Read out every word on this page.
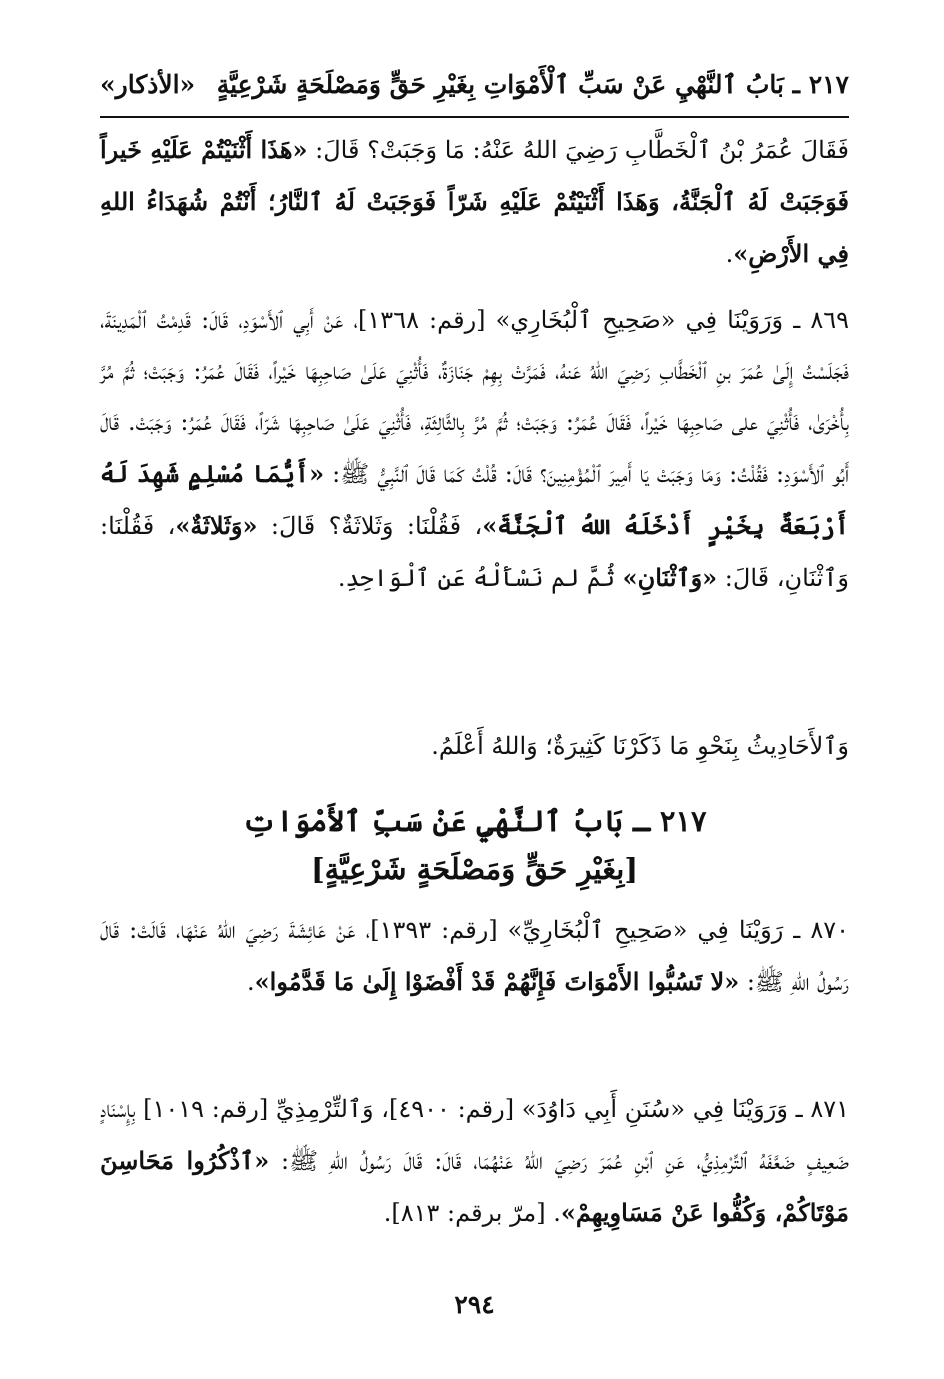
٢١٧ ـ بَابُ ٱلنَّهْيِ عَنْ سَبِّ ٱلْأَمْوَاتِ بِغَيْرِ حَقٍّ وَمَصْلَحَةٍ شَرْعِيَّةٍ
«الأذكار»
فَقَالَ عُمَرُ بْنُ ٱلْخَطَّابِ رَضِيَ اللهُ عَنْهُ: مَا وَجَبَتْ؟ قَالَ: «هَذَا أَثْنَيْتُمْ عَلَيْهِ خَيراً فَوَجَبَتْ لَهُ ٱلْجَنَّةُ، وَهَذَا أَثْنَيْتُمْ عَلَيْهِ شَرّاً فَوَجَبَتْ لَهُ ٱلنَّارُ؛ أَنْتُمْ شُهَدَاءُ اللهِ فِي الأَرْضِ».
٨٦٩ ـ وَرَوَيْنَا فِي «صَحِيحِ ٱلْبُخَارِي» [رقم: ١٣٦٨]، عَنْ أَبِي ٱلأَسْوَدِ، قَالَ: قَدِمْتُ ٱلْمَدِينَةَ، فَجَلَسْتُ إِلَىٰ عُمَرَ بنِ ٱلْخَطَّابِ رَضِيَ اللهُ عَنهُ، فَمَرَّتْ بِهِمْ جَنَازَةٌ، فَأُثْنِيَ عَلَىٰ صَاحِبِهَا خَيْراً، فَقَالَ عُمَرُ: وَجَبَتْ؛ ثُمَّ مُرَّ بِأُخْرَىٰ، فَأُثْنِيَ على صَاحِبِهَا خَيْراً، فَقَالَ عُمَرُ: وَجَبَتْ؛ ثُمَّ مُرَّ بِالثَّالِثَةِ، فَأُثْنِيَ عَلَىٰ صَاحِبِهَا شَرّاً، فَقَالَ عُمَرُ: وَجَبَتْ. قَالَ أَبُو ٱلأَسْوَدِ: فَقُلْتُ: وَمَا وَجَبَتْ يَا أَمِيرَ ٱلْمُؤْمِنِينَ؟ قَالَ: قُلْتُ كَمَا قَالَ ٱلنَّبِيُّ ﷺ: «أَيُّمَا مُسْلِمٍ شَهِدَ لَهُ أَرْبَعَةٌ بِخَيْرٍ أَدْخَلَهُ اللهُ ٱلْجَنَّةَ»، فَقُلْنَا: وَثَلاثَةٌ؟ قَالَ: «وَثَلاثَةٌ»، فَقُلْنَا: وَٱثْنَانِ، قَالَ: «وَٱثْنَانِ» ثُمَّ لم نَسْأَلْهُ عَنِ ٱلْوَاحِدِ.
وَٱلأَحَادِيثُ بِنَحْوِ مَا ذَكَرْنَا كَثِيرَةٌ؛ وَاللهُ أَعْلَمُ.
٢١٧ ـ بَابُ ٱلنَّهْيِ عَنْ سَبِّ ٱلأَمْوَاتِ
[بِغَيْرِ حَقٍّ وَمَصْلَحَةٍ شَرْعِيَّةٍ]
٨٧٠ ـ رَوَيْنَا فِي «صَحِيحِ ٱلْبُخَارِيِّ» [رقم: ١٣٩٣]، عَنْ عَائِشَةَ رَضِيَ اللهُ عَنْهَا، قَالَتْ: قَالَ رَسُولُ اللهِ ﷺ: «لا تَسُبُّوا الأَمْوَاتَ فَإِنَّهُمْ قَدْ أَفْضَوْا إِلَىٰ مَا قَدَّمُوا».
٨٧١ ـ وَرَوَيْنَا فِي «سُنَنِ أَبِي دَاوُدَ» [رقم: ٤٩٠٠]، وَٱلتِّرْمِذِيِّ [رقم: ١٠١٩] بِإِسْنَادٍ ضَعِيفٍ ضَعَّفَهُ ٱلتِّرْمِذِيُّ، عَنِ ٱبْنِ عُمَرَ رَضِيَ اللهُ عَنْهُمَا، قَالَ: قَالَ رَسُولُ اللهِ ﷺ: «ٱذْكُرُوا مَحَاسِنَ مَوْتَاكُمْ، وَكُفُّوا عَنْ مَسَاوِيهِمْ». [مرّ برقم: ٨١٣].
٢٩٤
